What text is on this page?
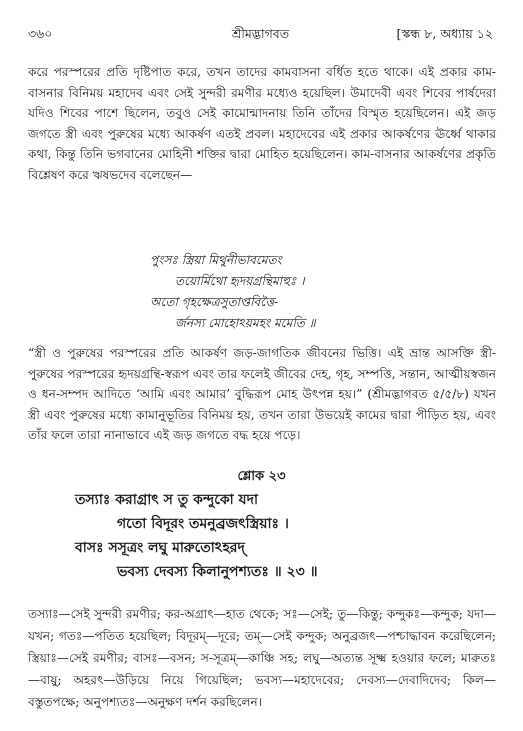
৩৬০	শ্রীমদ্ভাগবত	[স্কন্ধ ৮, অধ্যায় ১২
করে পরস্পরের প্রতি দৃষ্টিপাত করে, তখন তাদের কামবাসনা বর্ধিত হতে থাকে। এই প্রকার কাম-বাসনার বিনিময় মহাদেব এবং সেই সুন্দরী রমণীর মধ্যেও হয়েছিল। উমাদেবী এবং শিবের পার্ষদেরা যদিও শিবের পাশে ছিলেন, তবুও সেই কামোন্মাদনায় তিনি তাঁদের বিস্মৃত হয়েছিলেন। এই জড় জগতে স্ত্রী এবং পুরুষের মধ্যে আকর্ষণ এতই প্রবল। মহাদেবের এই প্রকার আকর্ষণের ঊর্ধ্বে থাকার কথা, কিন্তু তিনি ভগবানের মোহিনী শক্তির দ্বারা মোহিত হয়েছিলেন। কাম-বাসনার আকর্ষণের প্রকৃতি বিশ্লেষণ করে ঋষভদেব বলেছেন—
পুংসঃ স্ত্রিয়া মিথুনীভাবমেতং
তয়োর্মিথো হৃদয়গ্রন্থিমাহুঃ ।
অতো গৃহক্ষেত্রসুতাপ্তবিত্তৈ-
র্জনস্য মোহোঽয়মহং মমেতি ॥
“স্ত্রী ও পুরুষের পরস্পরের প্রতি আকর্ষণ জড়-জাগতিক জীবনের ভিত্তি। এই ভ্রান্ত আসক্তি স্ত্রী-পুরুষের পরস্পরের হৃদয়গ্রন্থি-স্বরূপ এবং তার ফলেই জীবের দেহ, গৃহ, সম্পত্তি, সন্তান, আত্মীয়স্বজন ও ধন-সম্পদ আদিতে ‘আমি এবং আমার’ বুদ্ধিরূপ মোহ উৎপন্ন হয়।” (শ্রীমদ্ভাগবত ৫/৫/৮) যখন স্ত্রী এবং পুরুষের মধ্যে কামানুভূতির বিনিময় হয়, তখন তারা উভয়েই কামের দ্বারা পীড়িত হয়, এবং তাঁর ফলে তারা নানাভাবে এই জড় জগতে বদ্ধ হয়ে পড়ে।
শ্লোক ২৩
তস্যাঃ করাগ্রাৎ স তু কন্দুকো যদা
গতো বিদূরং তমনুব্রজৎস্ত্রিয়াঃ ।
বাসঃ সসূত্রং লঘু মারুতোঽহরদ্
ভবস্য দেবস্য কিলানুপশ্যতঃ ॥ ২৩ ॥
তস্যাঃ—সেই সুন্দরী রমণীর; কর-অগ্রাৎ—হাত থেকে; সঃ—সেই; তু—কিন্তু; কন্দুকঃ—কন্দুক; যদা—যখন; গতঃ—পতিত হয়েছিল; বিদূরম্—দূরে; তম্—সেই কন্দুক; অনুব্রজৎ—পশ্চাদ্ধাবন করেছিলেন; স্ত্রিয়াঃ—সেই রমণীর; বাসঃ—বসন; স-সূত্রম্—কাঞ্চি সহ; লঘু—অত্যন্ত সূক্ষ্ম হওয়ার ফলে; মারুতঃ—বায়ু; অহরৎ—উড়িয়ে নিয়ে গিয়েছিল; ভবস্য—মহাদেবের; দেবস্য—দেবাদিদেব; কিল—বস্তুতপক্ষে; অনুপশ্যতঃ—অনুক্ষণ দর্শন করছিলেন।
